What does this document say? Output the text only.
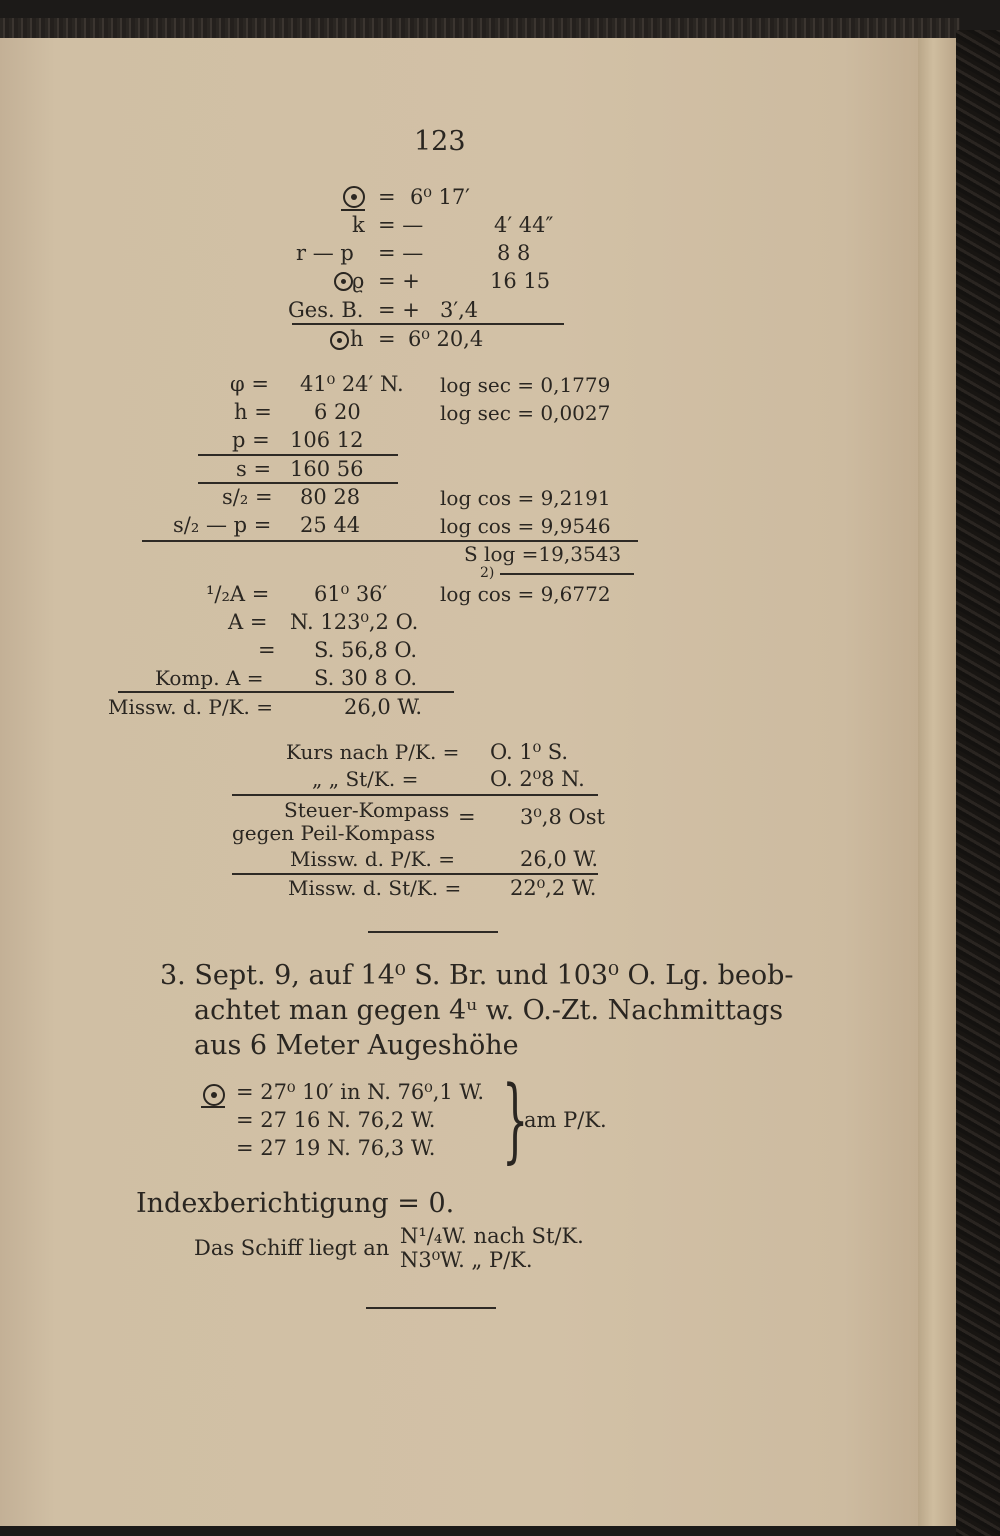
123
= 6⁰ 17′
k = —	4′ 44″
r — p = —	8 8
ϱ = +	16 15
Ges. B. = + 3′,4
h = 6⁰ 20,4
φ = 41⁰ 24′ N. log sec = 0,1779
h = 6 20	log sec = 0,0027
p = 106 12
s = 160 56
s/₂ = 80 28	log cos = 9,2191
s/₂ — p = 25 44	log cos = 9,9546
S log =19,3543
2)
¹/₂A = 61⁰ 36′	log cos = 9,6772
A = N. 123⁰,2 O.
= S. 56,8 O.
Komp. A = S. 30 8 O.
Missw. d. P/K. =	26,0 W.
Kurs nach P/K. = O. 1⁰ S.
„ „ St/K. =	O. 2⁰8 N.
Steuer-Kompass
gegen Peil-Kompass
= 3⁰,8 Ost
Missw. d. P/K. =	26,0 W.
Missw. d. St/K. = 22⁰,2 W.
3. Sept. 9, auf 14⁰ S. Br. und 103⁰ O. Lg. beob-
achtet man gegen 4ᵘ w. O.-Zt. Nachmittags
aus 6 Meter Augeshöhe
= 27⁰ 10′ in N. 76⁰,1 W.
= 27 16 N. 76,2 W.
= 27 19 N. 76,3 W. }
am P/K.
Indexberichtigung = 0.
Das Schiff liegt an N¹/₄W. nach St/K.
N3⁰W. „ P/K.
